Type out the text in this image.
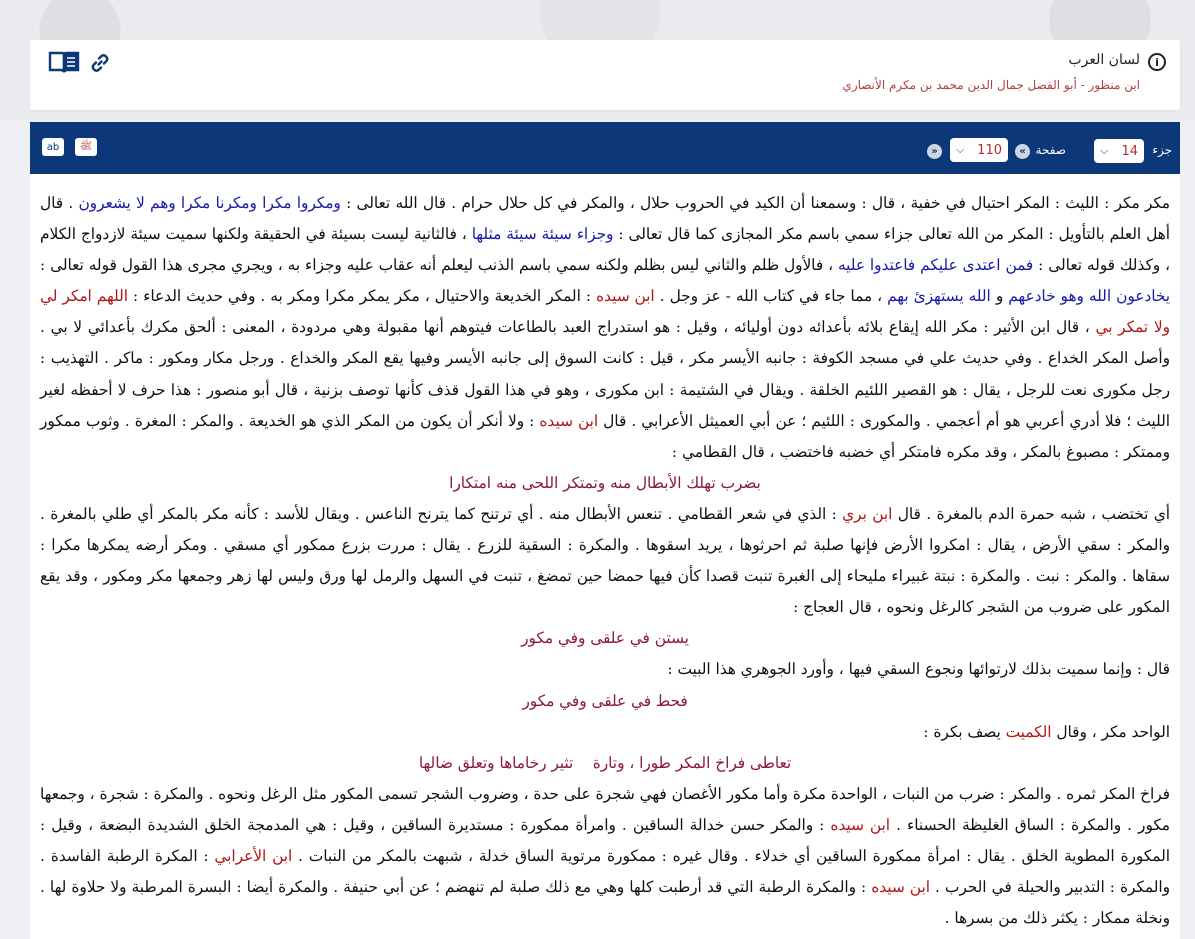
i
لسان العرب
ابن منظور - أبو الفضل جمال الدين محمد بن مكرم الأنصاري
جزء
⌵ 14
صفحة
«
⌵ 110
»
ﷺ
ab

مكر مكر : الليث : المكر احتيال في خفية ، قال : وسمعنا أن الكيد في الحروب حلال ، والمكر في كل حلال حرام . قال الله تعالى : ومكروا مكرا ومكرنا مكرا وهم لا يشعرون . قال أهل العلم بالتأويل : المكر من الله تعالى جزاء سمي باسم مكر المجازى كما قال تعالى : وجزاء سيئة سيئة مثلها ، فالثانية ليست بسيئة في الحقيقة ولكنها سميت سيئة لازدواج الكلام ، وكذلك قوله تعالى : فمن اعتدى عليكم فاعتدوا عليه ، فالأول ظلم والثاني ليس بظلم ولكنه سمي باسم الذنب ليعلم أنه عقاب عليه وجزاء به ، ويجري مجرى هذا القول قوله تعالى : يخادعون الله وهو خادعهم و الله يستهزئ بهم ، مما جاء في كتاب الله - عز وجل . ابن سيده : المكر الخديعة والاحتيال ، مكر يمكر مكرا ومكر به . وفي حديث الدعاء : اللهم امكر لي ولا تمكر بي ، قال ابن الأثير : مكر الله إيقاع بلائه بأعدائه دون أوليائه ، وقيل : هو استدراج العبد بالطاعات فيتوهم أنها مقبولة وهي مردودة ، المعنى : ألحق مكرك بأعدائي لا بي . وأصل المكر الخداع . وفي حديث علي في مسجد الكوفة : جانبه الأيسر مكر ، قيل : كانت السوق إلى جانبه الأيسر وفيها يقع المكر والخداع . ورجل مكار ومكور : ماكر . التهذيب : رجل مكورى نعت للرجل ، يقال : هو القصير اللئيم الخلقة . ويقال في الشتيمة : ابن مكورى ، وهو في هذا القول قذف كأنها توصف بزنية ، قال أبو منصور : هذا حرف لا أحفظه لغير الليث ؛ فلا أدري أعربي هو أم أعجمي . والمكورى : اللئيم ؛ عن أبي العميثل الأعرابي . قال ابن سيده : ولا أنكر أن يكون من المكر الذي هو الخديعة . والمكر : المغرة . وثوب ممكور وممتكر : مصبوغ بالمكر ، وقد مكره فامتكر أي خضبه فاختضب ، قال القطامي :

بضرب تهلك الأبطال منه وتمتكر اللحى منه امتكارا

أي تختضب ، شبه حمرة الدم بالمغرة . قال ابن بري : الذي في شعر القطامي . تنعس الأبطال منه . أي ترتنح كما يترنح الناعس . ويقال للأسد : كأنه مكر بالمكر أي طلي بالمغرة . والمكر : سقي الأرض ، يقال : امكروا الأرض فإنها صلبة ثم احرثوها ، يريد اسقوها . والمكرة : السقية للزرع . يقال : مررت بزرع ممكور أي مسقي . ومكر أرضه يمكرها مكرا : سقاها . والمكر : نبت . والمكرة : نبتة غبيراء مليحاء إلى الغبرة تنبت قصدا كأن فيها حمضا حين تمضغ ، تنبت في السهل والرمل لها ورق وليس لها زهر وجمعها مكر ومكور ، وقد يقع المكور على ضروب من الشجر كالرغل ونحوه ، قال العجاج :

يستن في علقى وفي مكور

قال : وإنما سميت بذلك لارتوائها ونجوع السقي فيها ، وأورد الجوهري هذا البيت :

فحط في علقى وفي مكور

الواحد مكر ، وقال الكميت يصف بكرة :

تعاطى فراخ المكر طورا ، وتارة    تثير رخاماها وتعلق ضالها

فراخ المكر ثمره . والمكر : ضرب من النبات ، الواحدة مكرة وأما مكور الأغصان فهي شجرة على حدة ، وضروب الشجر تسمى المكور مثل الرغل ونحوه . والمكرة : شجرة ، وجمعها مكور . والمكرة : الساق الغليظة الحسناء . ابن سيده : والمكر حسن خدالة الساقين . وامرأة ممكورة : مستديرة الساقين ، وقيل : هي المدمجة الخلق الشديدة البضعة ، وقيل : المكورة المطوية الخلق . يقال : امرأة ممكورة الساقين أي خدلاء . وقال غيره : ممكورة مرتوية الساق خدلة ، شبهت بالمكر من النبات . ابن الأعرابي : المكرة الرطبة الفاسدة . والمكرة : التدبير والحيلة في الحرب . ابن سيده : والمكرة الرطبة التي قد أرطبت كلها وهي مع ذلك صلبة لم تنهضم ؛ عن أبي حنيفة . والمكرة أيضا : البسرة المرطبة ولا حلاوة لها . ونخلة ممكار : يكثر ذلك من بسرها .
